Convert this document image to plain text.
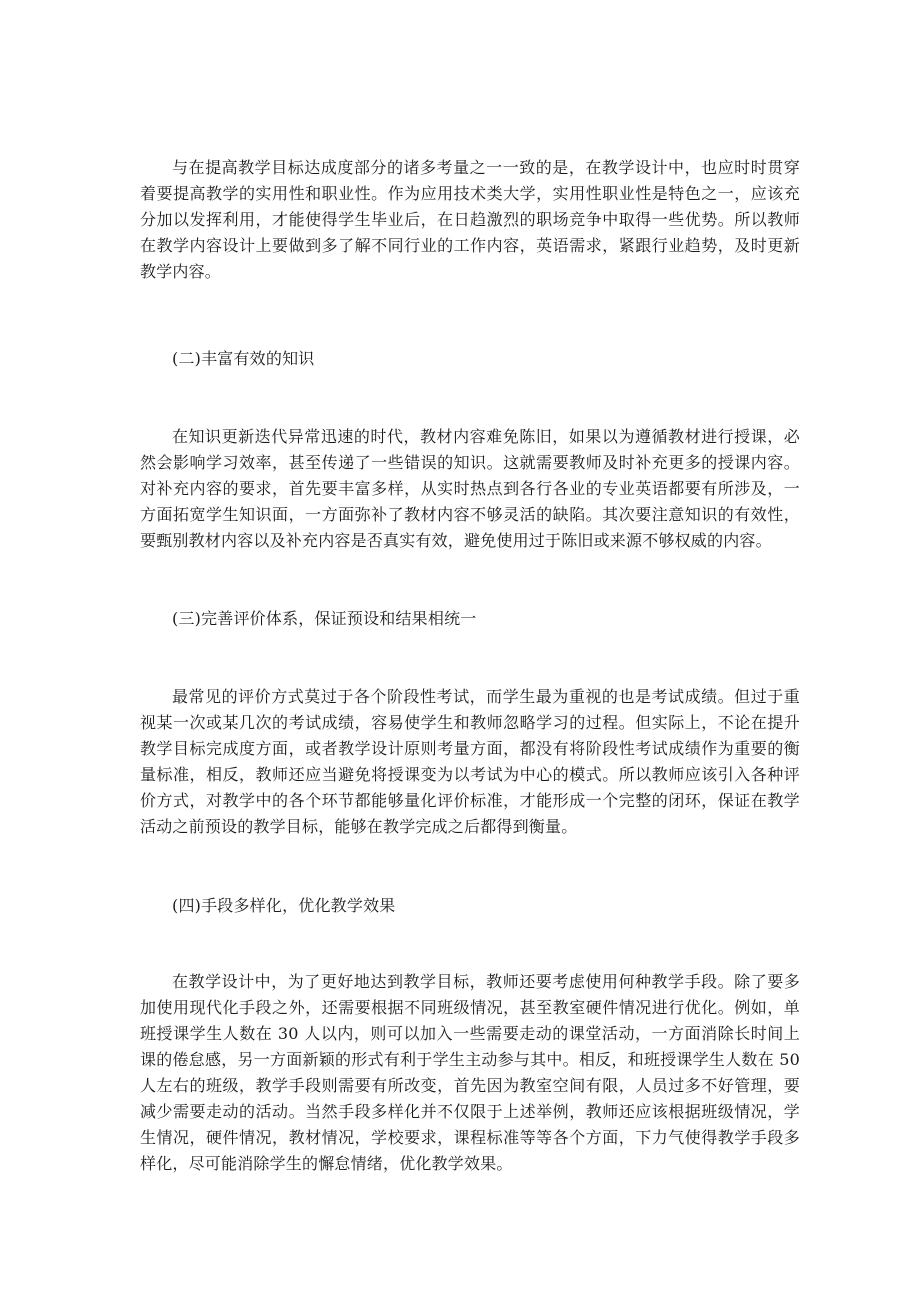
与在提高教学目标达成度部分的诸多考量之一一致的是，在教学设计中，也应时时贯穿着要提高教学的实用性和职业性。作为应用技术类大学，实用性职业性是特色之一，应该充分加以发挥利用，才能使得学生毕业后，在日趋激烈的职场竞争中取得一些优势。所以教师在教学内容设计上要做到多了解不同行业的工作内容，英语需求，紧跟行业趋势，及时更新教学内容。

(二)丰富有效的知识

在知识更新迭代异常迅速的时代，教材内容难免陈旧，如果以为遵循教材进行授课，必然会影响学习效率，甚至传递了一些错误的知识。这就需要教师及时补充更多的授课内容。对补充内容的要求，首先要丰富多样，从实时热点到各行各业的专业英语都要有所涉及，一方面拓宽学生知识面，一方面弥补了教材内容不够灵活的缺陷。其次要注意知识的有效性，要甄别教材内容以及补充内容是否真实有效，避免使用过于陈旧或来源不够权威的内容。

(三)完善评价体系，保证预设和结果相统一

最常见的评价方式莫过于各个阶段性考试，而学生最为重视的也是考试成绩。但过于重视某一次或某几次的考试成绩，容易使学生和教师忽略学习的过程。但实际上，不论在提升教学目标完成度方面，或者教学设计原则考量方面，都没有将阶段性考试成绩作为重要的衡量标准，相反，教师还应当避免将授课变为以考试为中心的模式。所以教师应该引入各种评价方式，对教学中的各个环节都能够量化评价标准，才能形成一个完整的闭环，保证在教学活动之前预设的教学目标，能够在教学完成之后都得到衡量。

(四)手段多样化，优化教学效果

在教学设计中，为了更好地达到教学目标，教师还要考虑使用何种教学手段。除了要多加使用现代化手段之外，还需要根据不同班级情况，甚至教室硬件情况进行优化。例如，单班授课学生人数在 30 人以内，则可以加入一些需要走动的课堂活动，一方面消除长时间上课的倦怠感，另一方面新颖的形式有利于学生主动参与其中。相反，和班授课学生人数在 50 人左右的班级，教学手段则需要有所改变，首先因为教室空间有限，人员过多不好管理，要减少需要走动的活动。当然手段多样化并不仅限于上述举例，教师还应该根据班级情况，学生情况，硬件情况，教材情况，学校要求，课程标准等等各个方面，下力气使得教学手段多样化，尽可能消除学生的懈怠情绪，优化教学效果。
